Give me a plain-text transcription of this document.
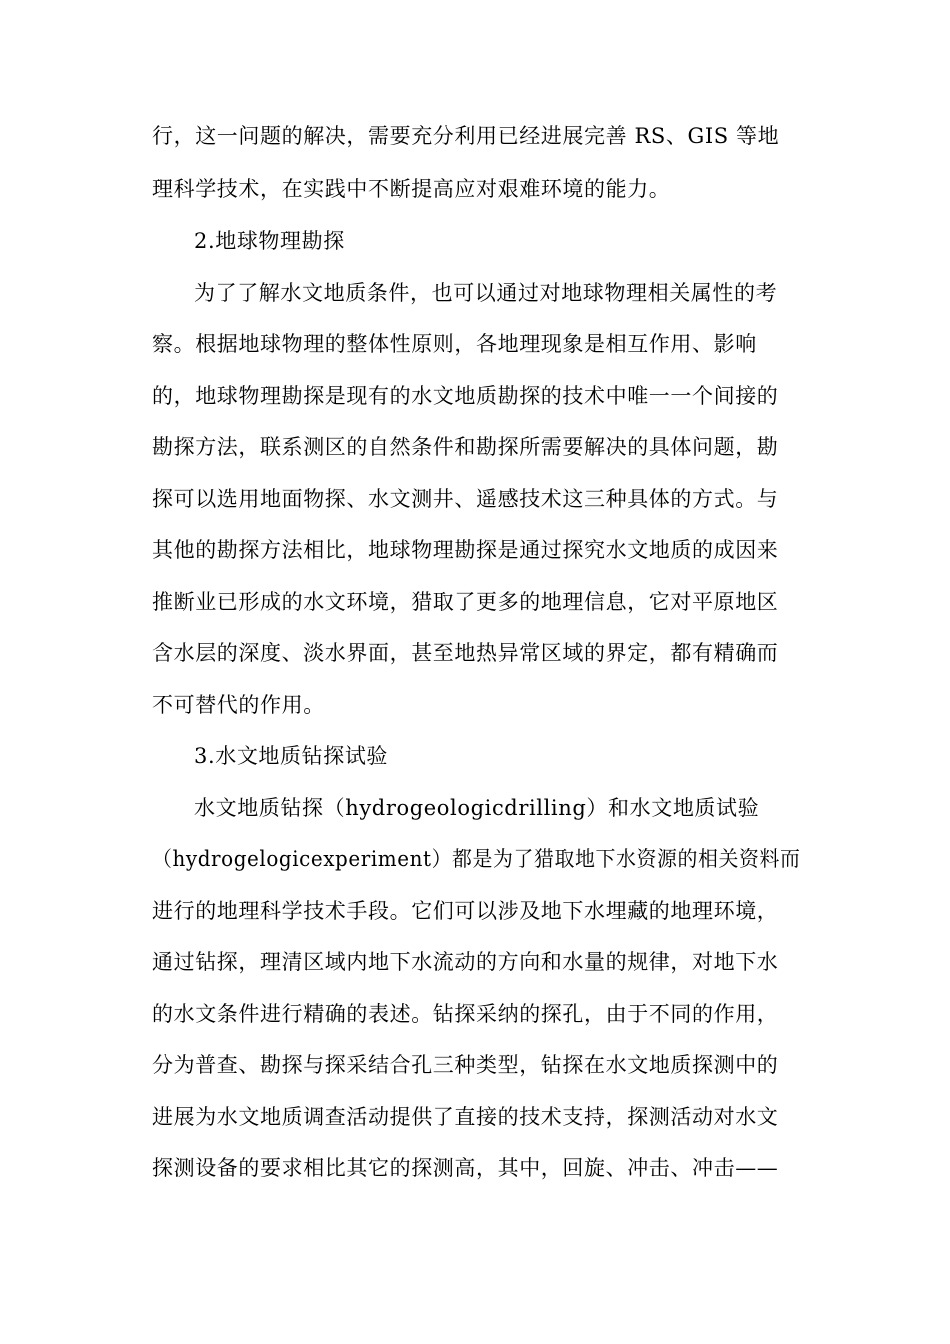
行，这一问题的解决，需要充分利用已经进展完善 RS、GIS 等地
理科学技术，在实践中不断提高应对艰难环境的能力。
2.地球物理勘探
为了了解水文地质条件，也可以通过对地球物理相关属性的考
察。根据地球物理的整体性原则，各地理现象是相互作用、影响
的，地球物理勘探是现有的水文地质勘探的技术中唯一一个间接的
勘探方法，联系测区的自然条件和勘探所需要解决的具体问题，勘
探可以选用地面物探、水文测井、遥感技术这三种具体的方式。与
其他的勘探方法相比，地球物理勘探是通过探究水文地质的成因来
推断业已形成的水文环境，猎取了更多的地理信息，它对平原地区
含水层的深度、淡水界面，甚至地热异常区域的界定，都有精确而
不可替代的作用。
3.水文地质钻探试验
水文地质钻探（hydrogeologicdrilling）和水文地质试验
（hydrogelogicexperiment）都是为了猎取地下水资源的相关资料而
进行的地理科学技术手段。它们可以涉及地下水埋藏的地理环境，
通过钻探，理清区域内地下水流动的方向和水量的规律，对地下水
的水文条件进行精确的表述。钻探采纳的探孔，由于不同的作用，
分为普查、勘探与探采结合孔三种类型，钻探在水文地质探测中的
进展为水文地质调查活动提供了直接的技术支持，探测活动对水文
探测设备的要求相比其它的探测高，其中，回旋、冲击、冲击——
